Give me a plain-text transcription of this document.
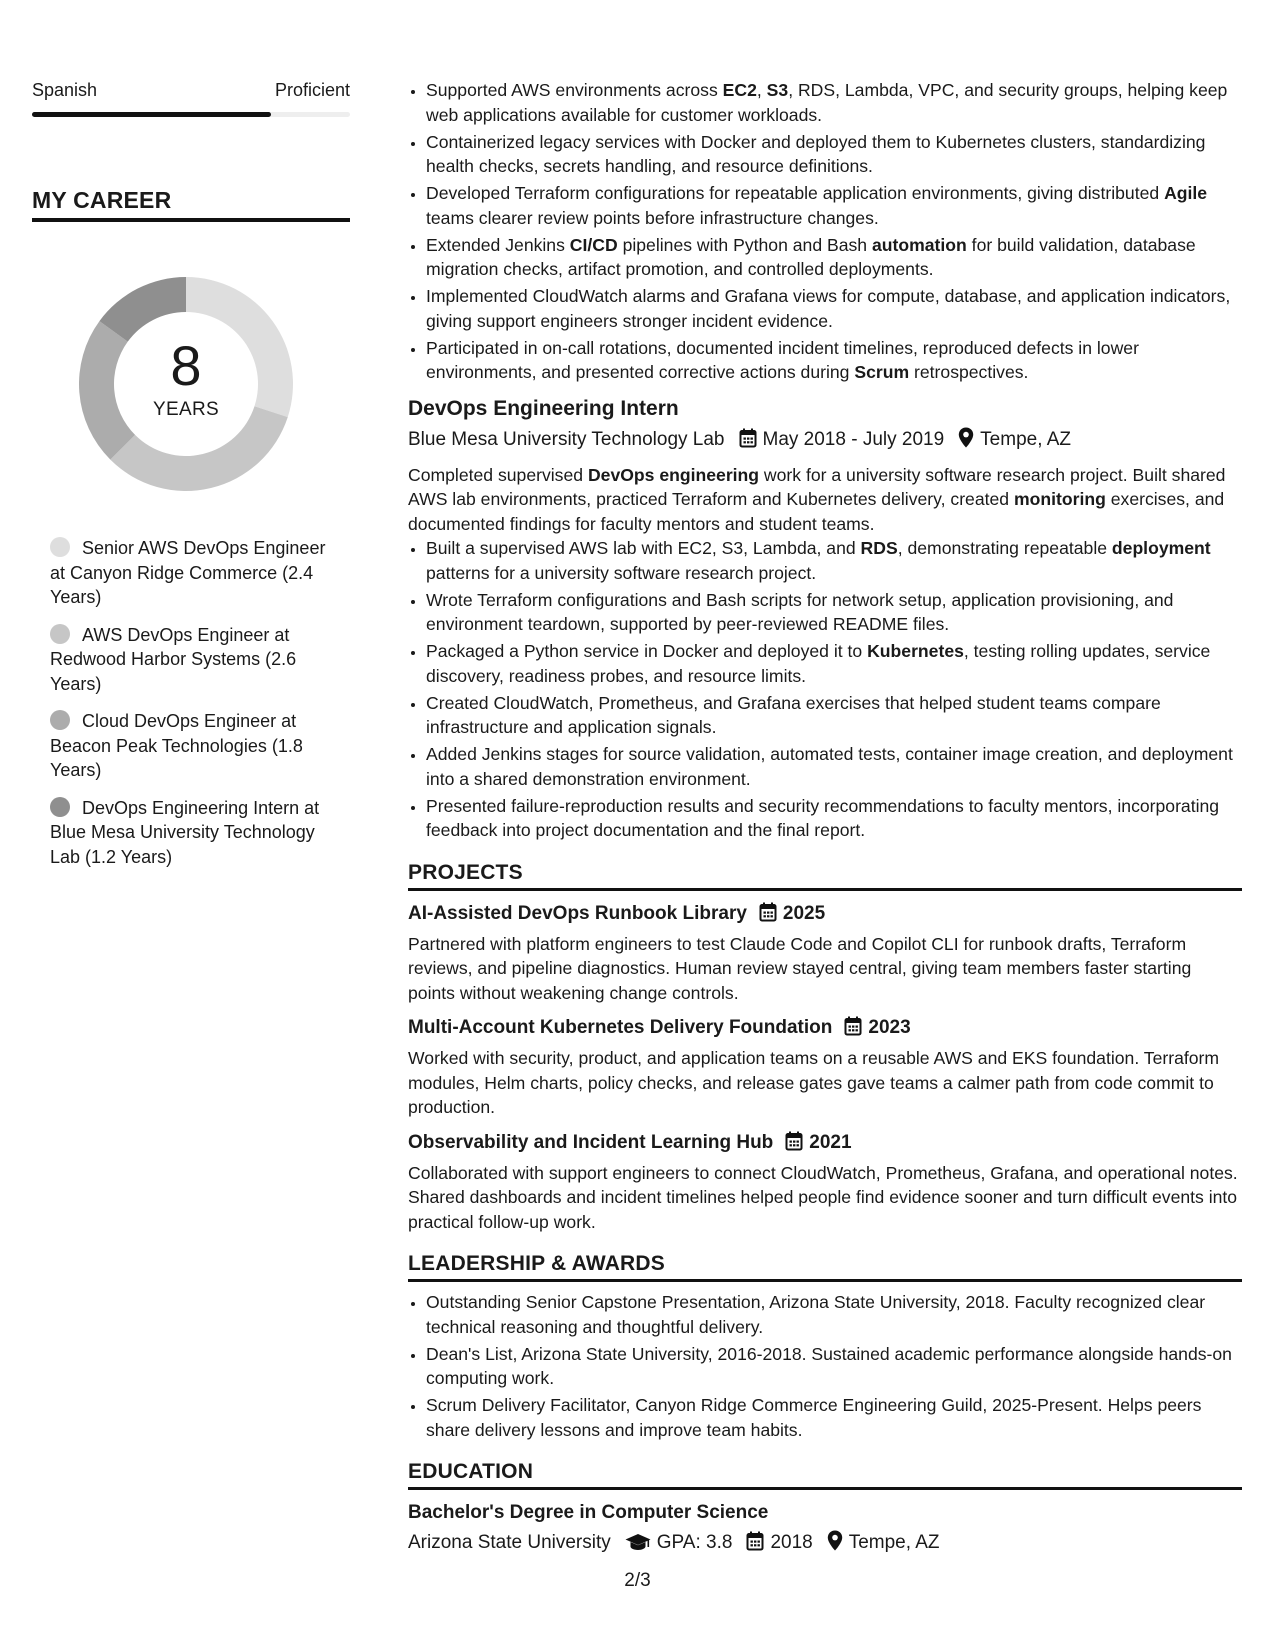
Spanish	Proficient
MY CAREER
8
YEARS
Senior AWS DevOps Engineer at Canyon Ridge Commerce (2.4 Years)
AWS DevOps Engineer at Redwood Harbor Systems (2.6 Years)
Cloud DevOps Engineer at Beacon Peak Technologies (1.8 Years)
DevOps Engineering Intern at Blue Mesa University Technology Lab (1.2 Years)
• Supported AWS environments across EC2, S3, RDS, Lambda, VPC, and security groups, helping keep web applications available for customer workloads.
• Containerized legacy services with Docker and deployed them to Kubernetes clusters, standardizing health checks, secrets handling, and resource definitions.
• Developed Terraform configurations for repeatable application environments, giving distributed Agile teams clearer review points before infrastructure changes.
• Extended Jenkins CI/CD pipelines with Python and Bash automation for build validation, database migration checks, artifact promotion, and controlled deployments.
• Implemented CloudWatch alarms and Grafana views for compute, database, and application indicators, giving support engineers stronger incident evidence.
• Participated in on-call rotations, documented incident timelines, reproduced defects in lower environments, and presented corrective actions during Scrum retrospectives.
DevOps Engineering Intern
Blue Mesa University Technology Lab May 2018 - July 2019 Tempe, AZ
Completed supervised DevOps engineering work for a university software research project. Built shared AWS lab environments, practiced Terraform and Kubernetes delivery, created monitoring exercises, and documented findings for faculty mentors and student teams.
• Built a supervised AWS lab with EC2, S3, Lambda, and RDS, demonstrating repeatable deployment patterns for a university software research project.
• Wrote Terraform configurations and Bash scripts for network setup, application provisioning, and environment teardown, supported by peer-reviewed README files.
• Packaged a Python service in Docker and deployed it to Kubernetes, testing rolling updates, service discovery, readiness probes, and resource limits.
• Created CloudWatch, Prometheus, and Grafana exercises that helped student teams compare infrastructure and application signals.
• Added Jenkins stages for source validation, automated tests, container image creation, and deployment into a shared demonstration environment.
• Presented failure-reproduction results and security recommendations to faculty mentors, incorporating feedback into project documentation and the final report.
PROJECTS
AI-Assisted DevOps Runbook Library 2025
Partnered with platform engineers to test Claude Code and Copilot CLI for runbook drafts, Terraform reviews, and pipeline diagnostics. Human review stayed central, giving team members faster starting points without weakening change controls.
Multi-Account Kubernetes Delivery Foundation 2023
Worked with security, product, and application teams on a reusable AWS and EKS foundation. Terraform modules, Helm charts, policy checks, and release gates gave teams a calmer path from code commit to production.
Observability and Incident Learning Hub 2021
Collaborated with support engineers to connect CloudWatch, Prometheus, Grafana, and operational notes. Shared dashboards and incident timelines helped people find evidence sooner and turn difficult events into practical follow-up work.
LEADERSHIP & AWARDS
• Outstanding Senior Capstone Presentation, Arizona State University, 2018. Faculty recognized clear technical reasoning and thoughtful delivery.
• Dean's List, Arizona State University, 2016-2018. Sustained academic performance alongside hands-on computing work.
• Scrum Delivery Facilitator, Canyon Ridge Commerce Engineering Guild, 2025-Present. Helps peers share delivery lessons and improve team habits.
EDUCATION
Bachelor's Degree in Computer Science
Arizona State University GPA: 3.8 2018 Tempe, AZ
2/3
